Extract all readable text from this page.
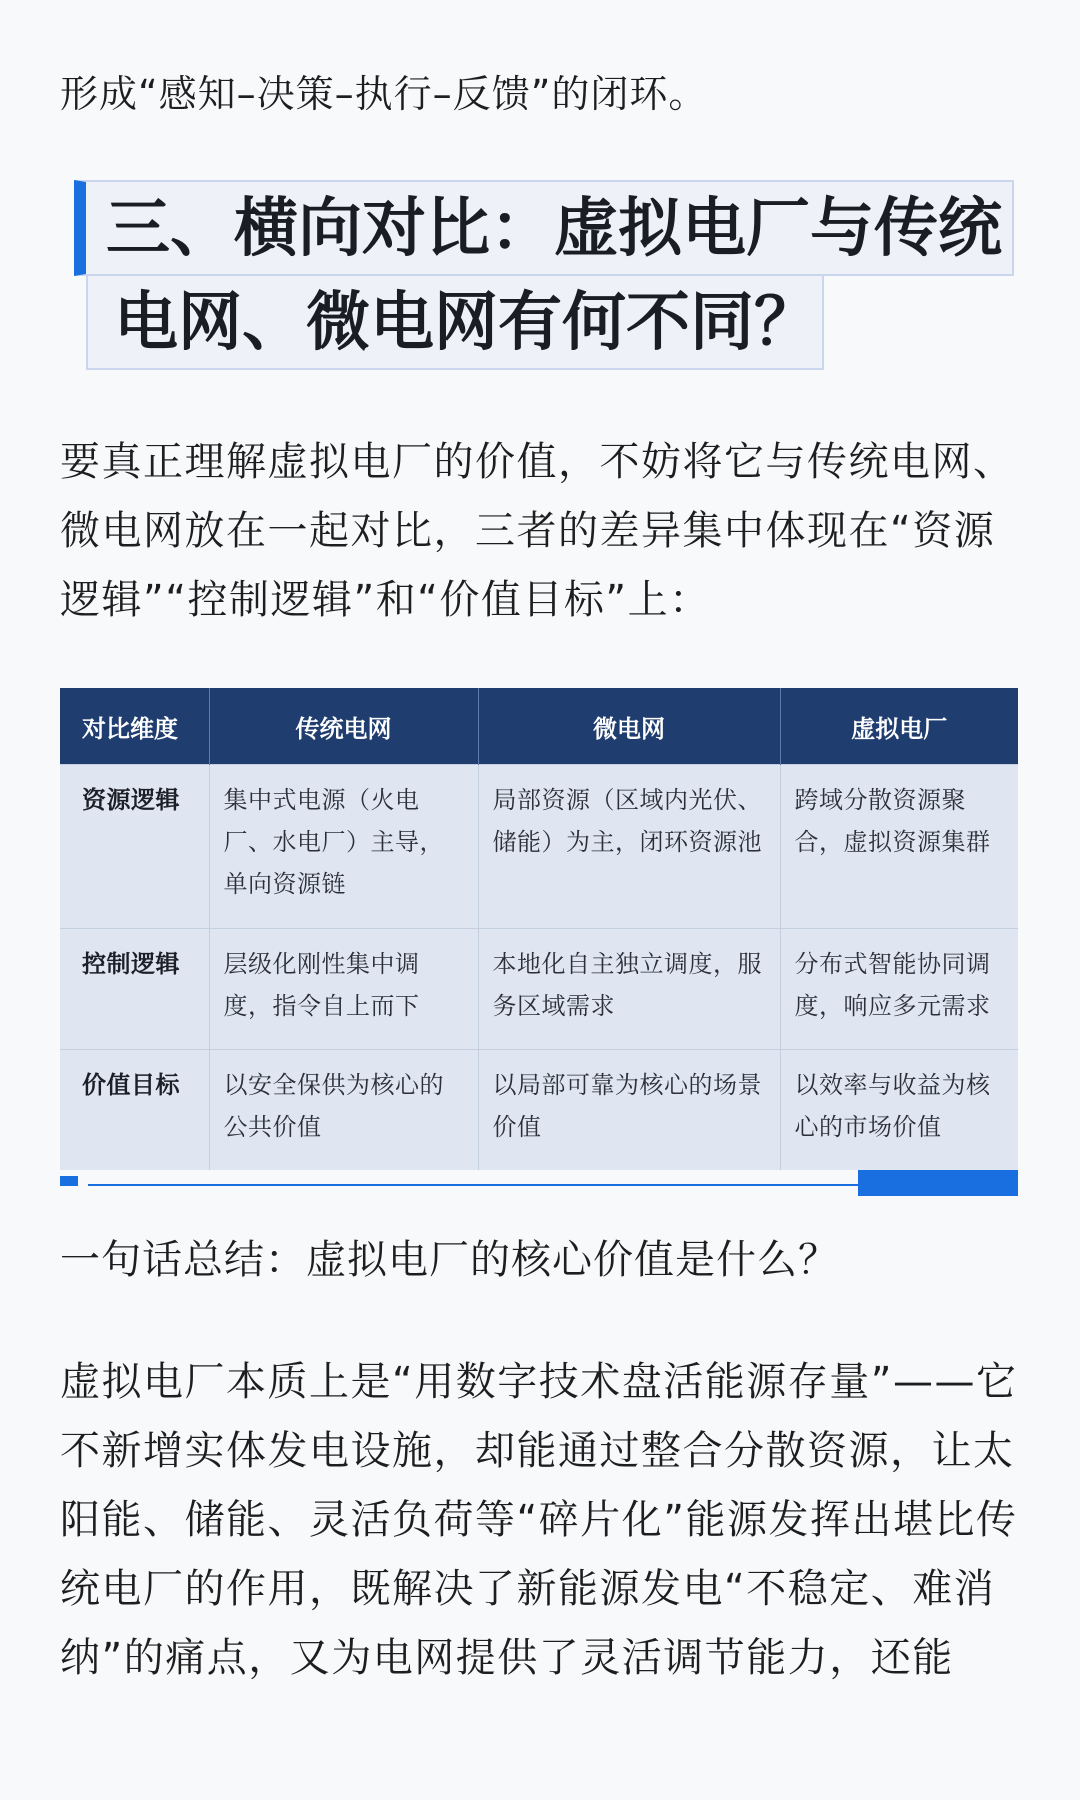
形成“感知–决策–执行–反馈”的闭环。

三、横向对比：虚拟电厂与传统
电网、微电网有何不同？

要真正理解虚拟电厂的价值，不妨将它与传统电网、微电网放在一起对比，三者的差异集中体现在“资源逻辑”“控制逻辑”和“价值目标”上：

对比维度	传统电网	微电网	虚拟电厂
资源逻辑	集中式电源（火电厂、水电厂）主导，单向资源链	局部资源（区域内光伏、储能）为主，闭环资源池	跨域分散资源聚合，虚拟资源集群
控制逻辑	层级化刚性集中调度，指令自上而下	本地化自主独立调度，服务区域需求	分布式智能协同调度，响应多元需求
价值目标	以安全保供为核心的公共价值	以局部可靠为核心的场景价值	以效率与收益为核心的市场价值

一句话总结：虚拟电厂的核心价值是什么？

虚拟电厂本质上是“用数字技术盘活能源存量”——它不新增实体发电设施，却能通过整合分散资源，让太阳能、储能、灵活负荷等“碎片化”能源发挥出堪比传统电厂的作用，既解决了新能源发电“不稳定、难消纳”的痛点，又为电网提供了灵活调节能力，还能
